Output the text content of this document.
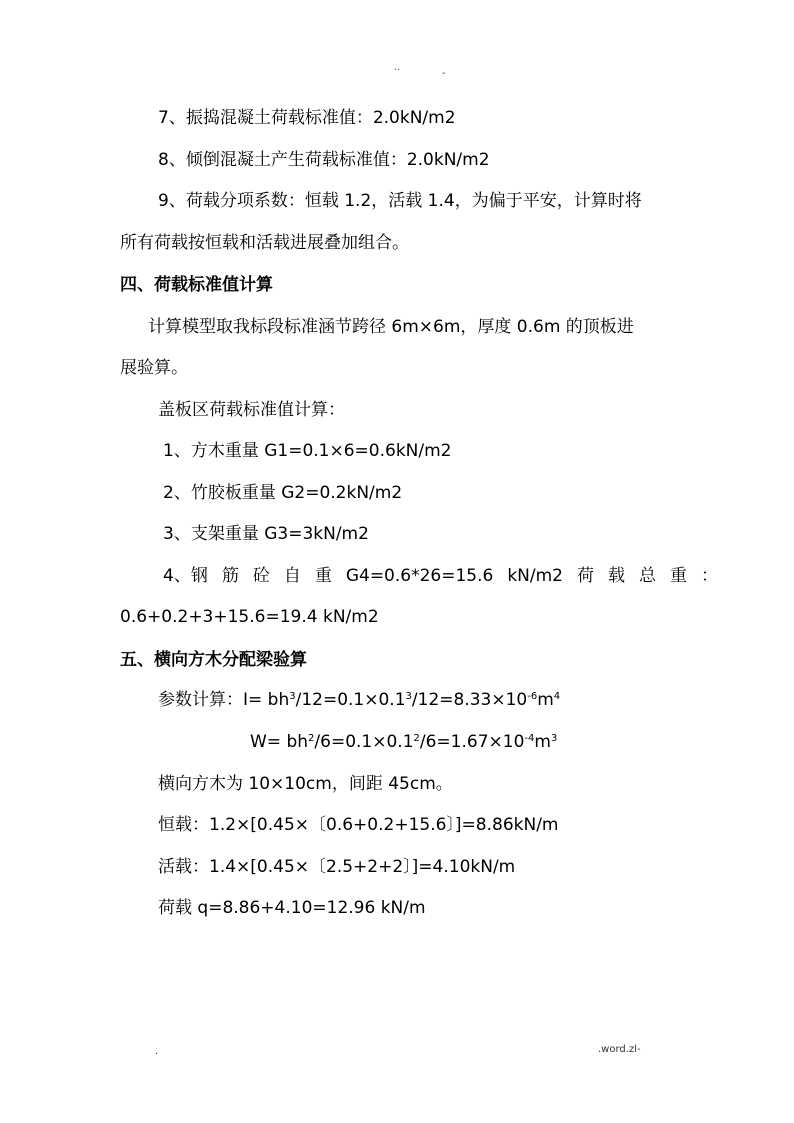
..
-
7、振捣混凝土荷载标准值：2.0kN/m2
8、倾倒混凝土产生荷载标准值：2.0kN/m2
9、荷载分项系数：恒载 1.2，活载 1.4，为偏于平安，计算时将
所有荷载按恒载和活载进展叠加组合。
四、荷载标准值计算
计算模型取我标段标准涵节跨径 6m×6m，厚度 0.6m 的顶板进
展验算。
盖板区荷载标准值计算：
1、方木重量 G1=0.1×6=0.6kN/m2
2、竹胶板重量 G2=0.2kN/m2
3、支架重量 G3=3kN/m2
4、钢 筋 砼 自 重 G4=0.6*26=15.6 kN/m2 荷 载 总 重 ：
0.6+0.2+3+15.6=19.4 kN/m2
五、横向方木分配梁验算
参数计算：$I= bh^3/12=0.1\times 0.1^3/12=8.33\times 10^{-6}m^4$
$W= bh^2/6=0.1\times 0.1^2/6=1.67\times 10^{-4}m^3$
横向方木为 10×10cm，间距 45cm。
恒载：1.2×[0.45×〔0.6+0.2+15.6〕]=8.86kN/m
活载：1.4×[0.45×〔2.5+2+2〕]=4.10kN/m
荷载 q=8.86+4.10=12.96 kN/m
.	.word.zl-
